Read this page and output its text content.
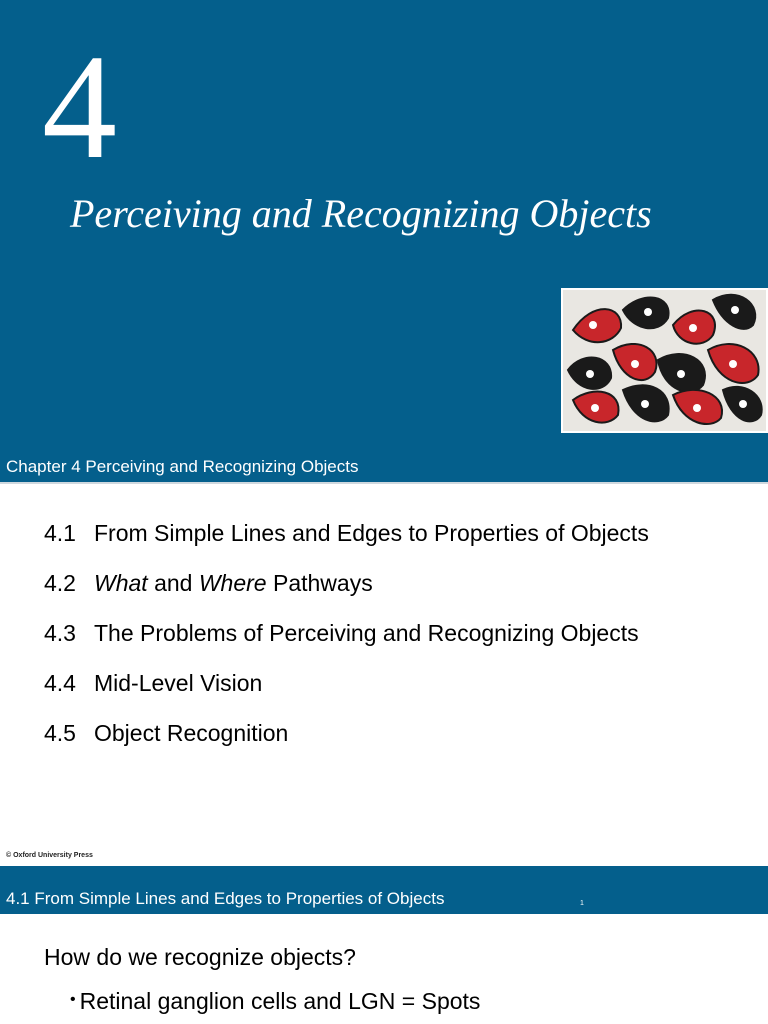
4
Perceiving and Recognizing Objects
Chapter 4 Perceiving and Recognizing Objects
4.1 From Simple Lines and Edges to Properties of Objects
4.2 What and Where Pathways
4.3 The Problems of Perceiving and Recognizing Objects
4.4 Mid-Level Vision
4.5 Object Recognition
© Oxford University Press
4.1 From Simple Lines and Edges to Properties of Objects	1
How do we recognize objects?
• Retinal ganglion cells and LGN = Spots
